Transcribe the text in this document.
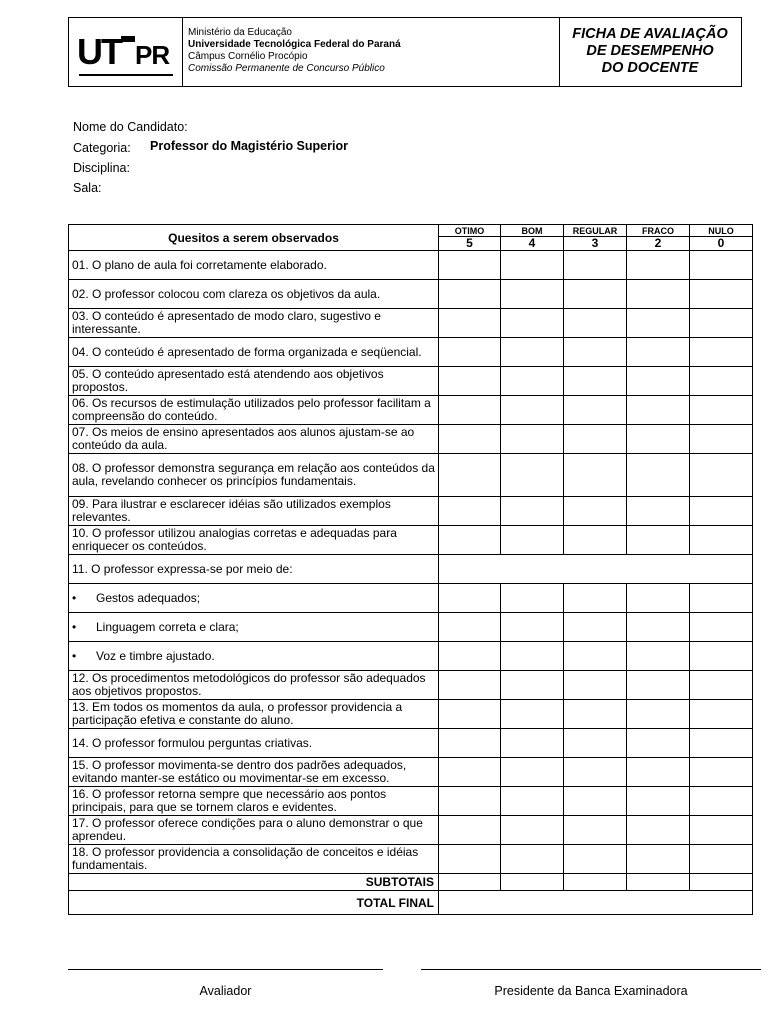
UT PR
Ministério da Educação
Universidade Tecnológica Federal do Paraná
Câmpus Cornélio Procópio
Comissão Permanente de Concurso Público
FICHA DE AVALIAÇÃO
DE DESEMPENHO
DO DOCENTE
Nome do Candidato:
Categoria: Professor do Magistério Superior
Disciplina:
Sala:
Quesitos a serem observados	OTIMO	BOM	REGULAR	FRACO	NULO
	5	4	3	2	0
01. O plano de aula foi corretamente elaborado.					
02. O professor colocou com clareza os objetivos da aula.					
03. O conteúdo é apresentado de modo claro, sugestivo e interessante.					
04. O conteúdo é apresentado de forma organizada e seqüencial.					
05. O conteúdo apresentado está atendendo aos objetivos propostos.					
06. Os recursos de estimulação utilizados pelo professor facilitam a compreensão do conteúdo.					
07. Os meios de ensino apresentados aos alunos ajustam-se ao conteúdo da aula.					
08. O professor demonstra segurança em relação aos conteúdos da aula, revelando conhecer os princípios fundamentais.					
09. Para ilustrar e esclarecer idéias são utilizados exemplos relevantes.					
10. O professor utilizou analogias corretas e adequadas para enriquecer os conteúdos.					
11. O professor expressa-se por meio de:					
• Gestos adequados;					
• Linguagem correta e clara;					
• Voz e timbre ajustado.					
12. Os procedimentos metodológicos do professor são adequados aos objetivos propostos.					
13. Em todos os momentos da aula, o professor providencia a participação efetiva e constante do aluno.					
14. O professor formulou perguntas criativas.					
15. O professor movimenta-se dentro dos padrões adequados, evitando manter-se estático ou movimentar-se em excesso.					
16. O professor retorna sempre que necessário aos pontos principais, para que se tornem claros e evidentes.					
17. O professor oferece condições para o aluno demonstrar o que aprendeu.					
18. O professor providencia a consolidação de conceitos e idéias fundamentais.					
SUBTOTAIS					
TOTAL FINAL					
Avaliador	Presidente da Banca Examinadora
